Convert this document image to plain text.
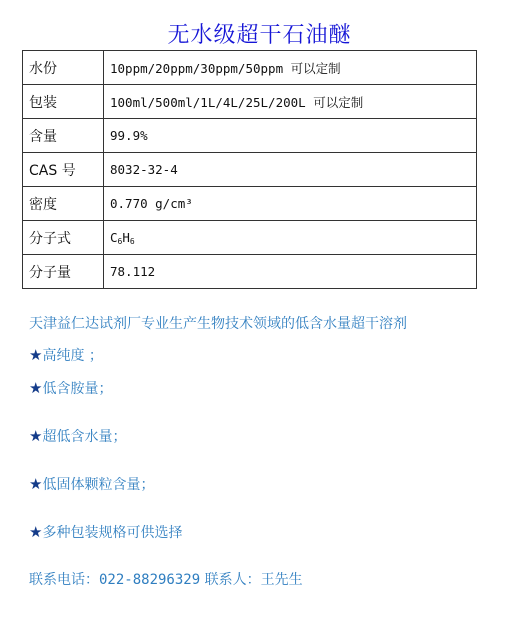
无水级超干石油醚
水份	10ppm/20ppm/30ppm/50ppm 可以定制
包装	100ml/500ml/1L/4L/25L/200L 可以定制
含量	99.9%
CAS 号	8032-32-4
密度	0.770 g/cm³
分子式	$C_6H_6$
分子量	78.112
天津益仁达试剂厂专业生产生物技术领域的低含水量超干溶剂
★高纯度 ；
★低含胺量；
★超低含水量；
★低固体颗粒含量；
★多种包装规格可供选择
联系电话：022-88296329 联系人：王先生
